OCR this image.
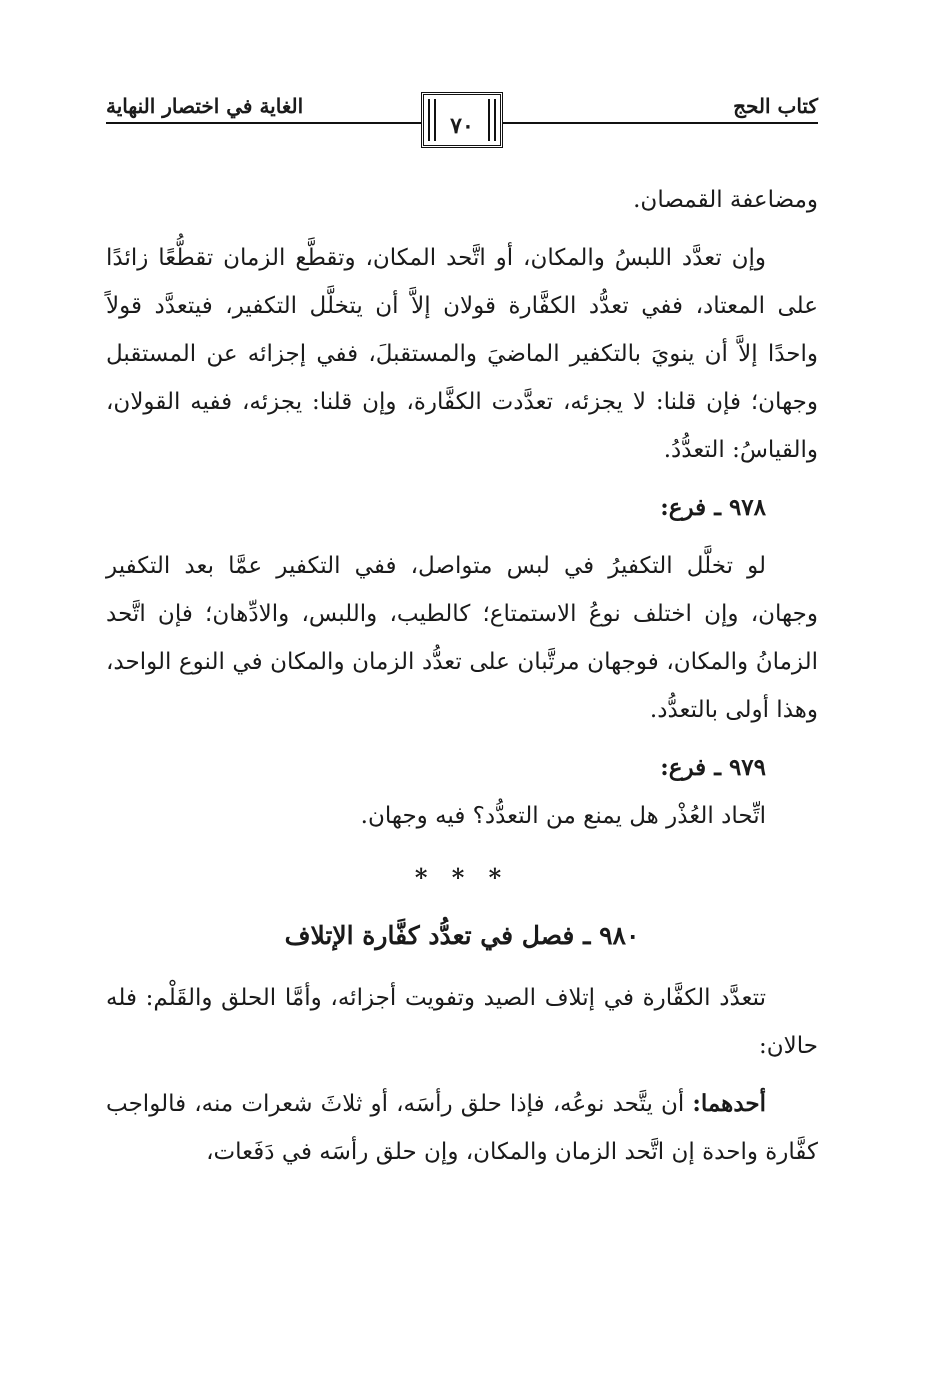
كتاب الحج
الغاية في اختصار النهاية
٧٠

ومضاعفة القمصان.

وإن تعدَّد اللبسُ والمكان، أو اتَّحد المكان، وتقطَّع الزمان تقطُّعًا زائدًا على المعتاد، ففي تعدُّد الكفَّارة قولان إلاَّ أن يتخلَّل التكفير، فيتعدَّد قولاً واحدًا إلاَّ أن ينويَ بالتكفير الماضيَ والمستقبلَ، ففي إجزائه عن المستقبل وجهان؛ فإن قلنا: لا يجزئه، تعدَّدت الكفَّارة، وإن قلنا: يجزئه، ففيه القولان، والقياسُ: التعدُّدُ.

٩٧٨ ـ فرع:

لو تخلَّل التكفيرُ في لبس متواصل، ففي التكفير عمَّا بعد التكفير وجهان، وإن اختلف نوعُ الاستمتاع؛ كالطيب، واللبس، والادِّهان؛ فإن اتَّحد الزمانُ والمكان، فوجهان مرتَّبان على تعدُّد الزمان والمكان في النوع الواحد، وهذا أولى بالتعدُّد.

٩٧٩ ـ فرع:

اتِّحاد العُذْر هل يمنع من التعدُّد؟ فيه وجهان.

* * *

٩٨٠ ـ فصل في تعدُّد كفَّارة الإتلاف

تتعدَّد الكفَّارة في إتلاف الصيد وتفويت أجزائه، وأمَّا الحلق والقَلْم: فله حالان:

أحدهما: أن يتَّحد نوعُه، فإذا حلق رأسَه، أو ثلاثَ شعرات منه، فالواجب كفَّارة واحدة إن اتَّحد الزمان والمكان، وإن حلق رأسَه في دَفَعات،
